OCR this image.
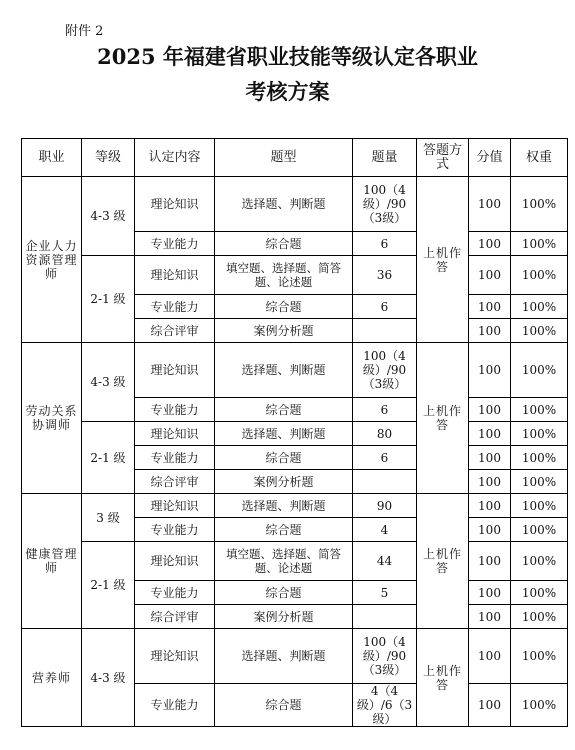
附件 2
2025 年福建省职业技能等级认定各职业
考核方案
职业	等级	认定内容	题型	题量	答题方式	分值	权重
企业人力资源管理师	4-3 级	理论知识	选择题、判断题	100（4级）/90（3级）	上机作答	100	100%
		专业能力	综合题	6		100	100%
	2-1 级	理论知识	填空题、选择题、简答题、论述题	36		100	100%
		专业能力	综合题	6		100	100%
		综合评审	案例分析题			100	100%
劳动关系协调师	4-3 级	理论知识	选择题、判断题	100（4级）/90（3级）	上机作答	100	100%
		专业能力	综合题	6		100	100%
	2-1 级	理论知识	选择题、判断题	80		100	100%
		专业能力	综合题	6		100	100%
		综合评审	案例分析题			100	100%
健康管理师	3 级	理论知识	选择题、判断题	90	上机作答	100	100%
		专业能力	综合题	4		100	100%
	2-1 级	理论知识	填空题、选择题、简答题、论述题	44		100	100%
		专业能力	综合题	5		100	100%
		综合评审	案例分析题			100	100%
营养师	4-3 级	理论知识	选择题、判断题	100（4级）/90（3级）	上机作答	100	100%
		专业能力	综合题	4（4级）/6（3级）		100	100%
